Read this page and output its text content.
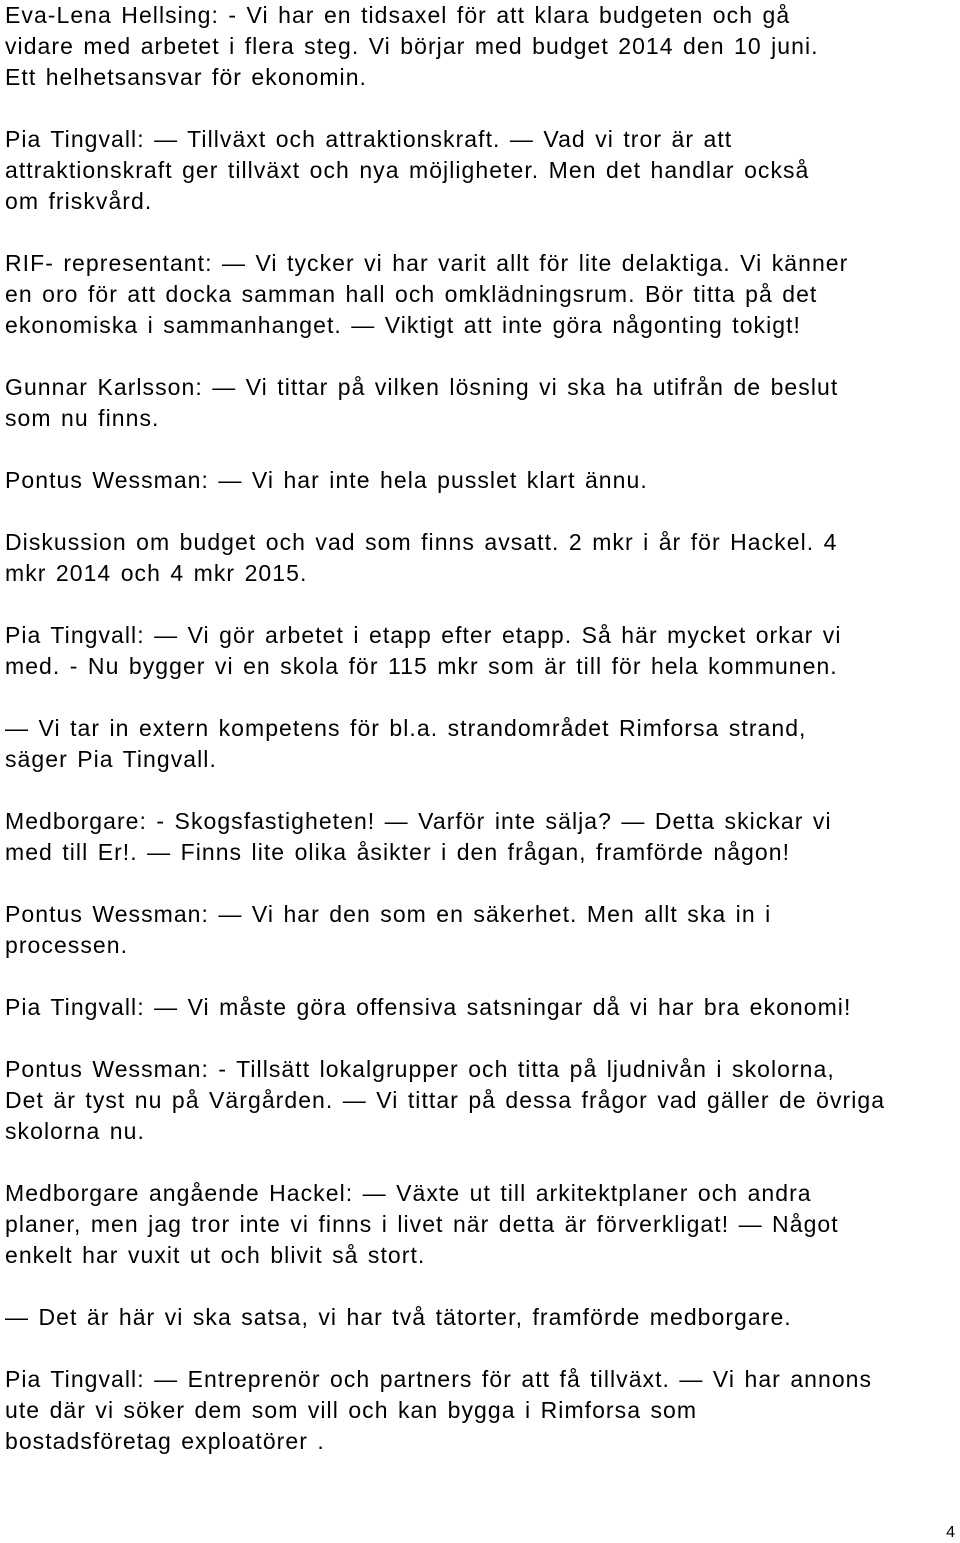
Eva-Lena Hellsing: - Vi har en tidsaxel för att klara budgeten och gå
vidare med arbetet i flera steg. Vi börjar med budget 2014 den 10 juni.
Ett helhetsansvar för ekonomin.

Pia Tingvall: ― Tillväxt och attraktionskraft. ― Vad vi tror är att
attraktionskraft ger tillväxt och nya möjligheter. Men det handlar också
om friskvård.

RIF- representant: ― Vi tycker vi har varit allt för lite delaktiga. Vi känner
en oro för att docka samman hall och omklädningsrum. Bör titta på det
ekonomiska i sammanhanget. ― Viktigt att inte göra någonting tokigt!

Gunnar Karlsson: ― Vi tittar på vilken lösning vi ska ha utifrån de beslut
som nu finns.

Pontus Wessman: ― Vi har inte hela pusslet klart ännu.

Diskussion om budget och vad som finns avsatt. 2 mkr i år för Hackel. 4
mkr 2014 och 4 mkr 2015.

Pia Tingvall: ― Vi gör arbetet i etapp efter etapp. Så här mycket orkar vi
med. - Nu bygger vi en skola för 115 mkr som är till för hela kommunen.

― Vi tar in extern kompetens för bl.a. strandområdet Rimforsa strand,
säger Pia Tingvall.

Medborgare: - Skogsfastigheten! ― Varför inte sälja? ― Detta skickar vi
med till Er!. ― Finns lite olika åsikter i den frågan, framförde någon!

Pontus Wessman: ― Vi har den som en säkerhet. Men allt ska in i
processen.

Pia Tingvall: ― Vi måste göra offensiva satsningar då vi har bra ekonomi!

Pontus Wessman: - Tillsätt lokalgrupper och titta på ljudnivån i skolorna,
Det är tyst nu på Värgården. ― Vi tittar på dessa frågor vad gäller de övriga
skolorna nu.

Medborgare angående Hackel: ― Växte ut till arkitektplaner och andra
planer, men jag tror inte vi finns i livet när detta är förverkligat! ― Något
enkelt har vuxit ut och blivit så stort.

― Det är här vi ska satsa, vi har två tätorter, framförde medborgare.

Pia Tingvall: ― Entreprenör och partners för att få tillväxt. ― Vi har annons
ute där vi söker dem som vill och kan bygga i Rimforsa som
bostadsföretag exploatörer .

4
